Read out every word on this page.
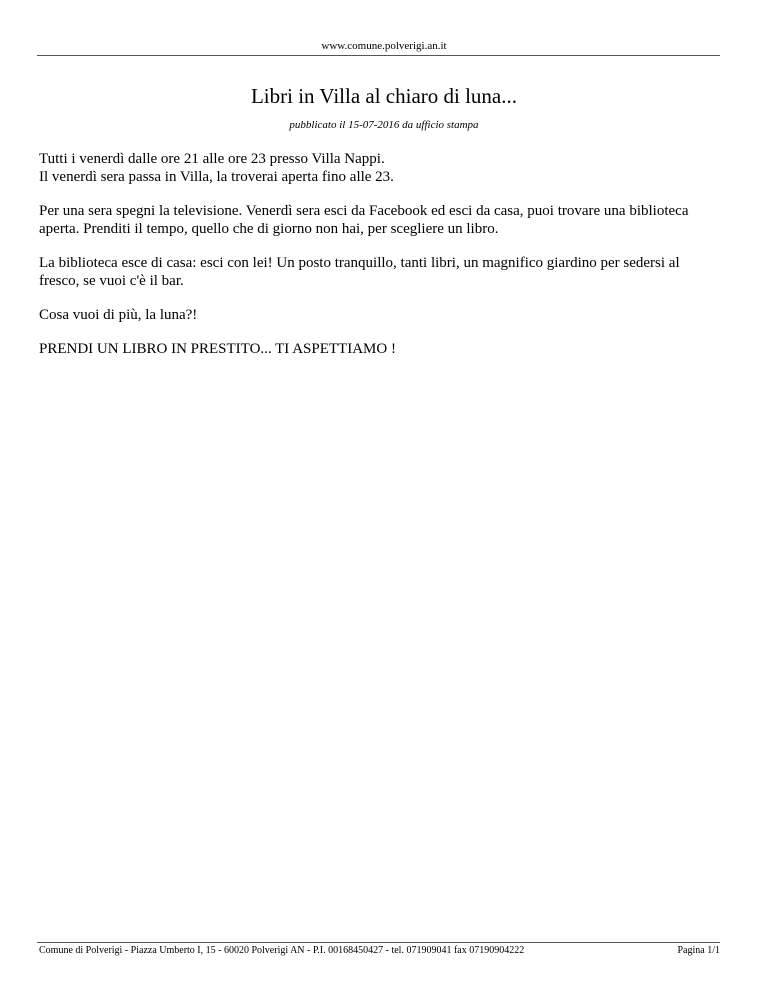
www.comune.polverigi.an.it
Libri in Villa al chiaro di luna...
pubblicato il 15-07-2016 da ufficio stampa

Tutti i venerdì dalle ore 21 alle ore 23 presso Villa Nappi.
Il venerdì sera passa in Villa, la troverai aperta fino alle 23.

Per una sera spegni la televisione. Venerdì sera esci da Facebook ed esci da casa, puoi trovare una biblioteca
aperta. Prenditi il tempo, quello che di giorno non hai, per scegliere un libro.

La biblioteca esce di casa: esci con lei! Un posto tranquillo, tanti libri, un magnifico giardino per sedersi al
fresco, se vuoi c'è il bar.

Cosa vuoi di più, la luna?!

PRENDI UN LIBRO IN PRESTITO... TI ASPETTIAMO !

Comune di Polverigi - Piazza Umberto I, 15 - 60020 Polverigi AN - P.I. 00168450427 - tel. 071909041 fax 07190904222	Pagina 1/1
